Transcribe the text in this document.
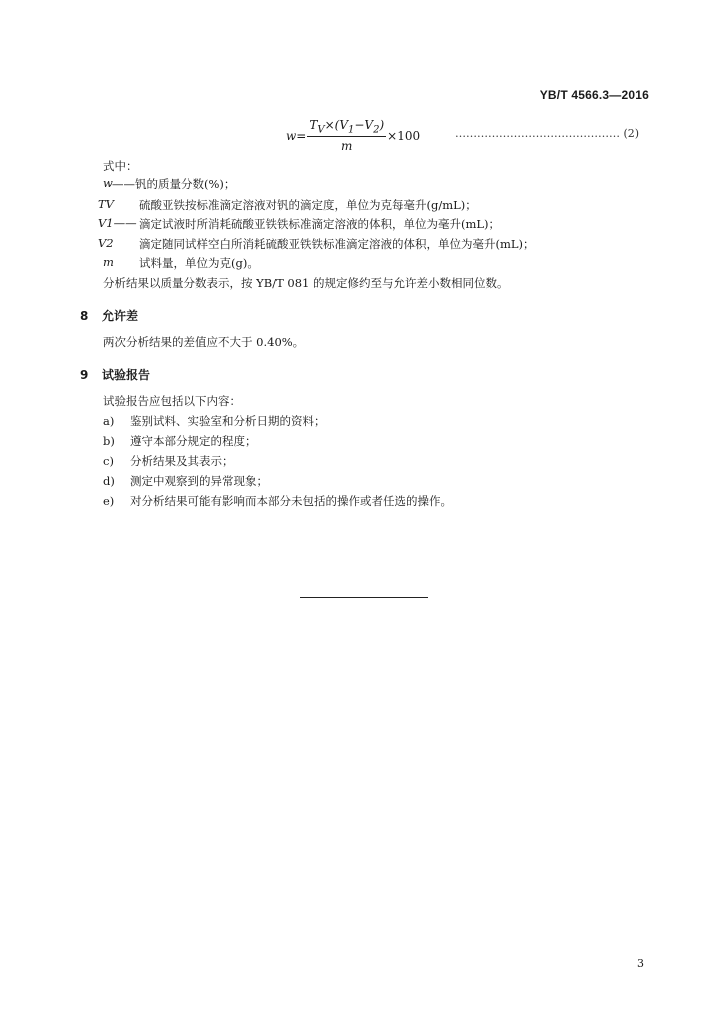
YB/T 4566.3—2016
$w= \frac{T_V\times(V_1-V_2)}{m} \times 100$	……………………………………… (2)
式中：
w ——钒的质量分数(%)；
TV 硫酸亚铁按标准滴定溶液对钒的滴定度，单位为克每毫升(g/mL)；
V1—— 滴定试液时所消耗硫酸亚铁铁标准滴定溶液的体积，单位为毫升(mL)；
V2 滴定随同试样空白所消耗硫酸亚铁铁标准滴定溶液的体积，单位为毫升(mL)；
m 试料量，单位为克(g)。
分析结果以质量分数表示，按 YB/T 081 的规定修约至与允许差小数相同位数。
8 允许差
两次分析结果的差值应不大于 0.40%。
9 试验报告
试验报告应包括以下内容：
a) 鉴别试料、实验室和分析日期的资料；
b) 遵守本部分规定的程度；
c) 分析结果及其表示；
d) 测定中观察到的异常现象；
e) 对分析结果可能有影响而本部分未包括的操作或者任选的操作。
3
